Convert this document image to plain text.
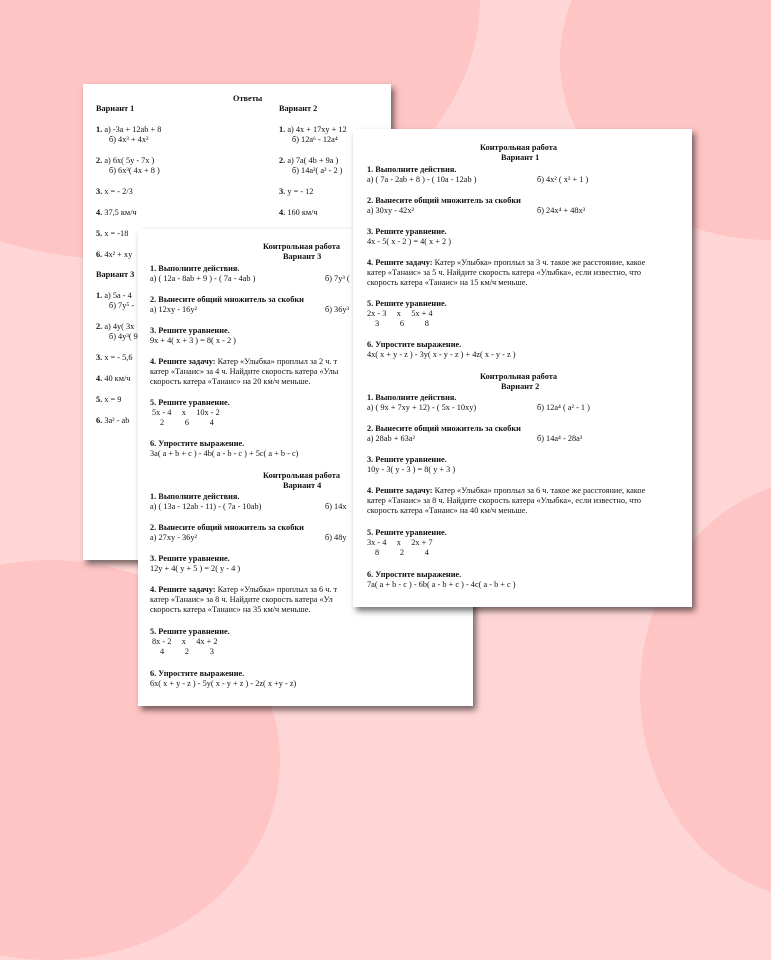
Ответы
Вариант 1	Вариант 2
1. а) -3a + 12ab + 8
б) 4x³ + 4x²
2. а) 6x( 5y - 7x )
б) 6x³( 4x + 8 )
3. x = - 2/3
4. 37,5 км/ч
5. x = -18
6. 4x² + xy
1. а) 4x + 17xy + 12
б) 12a⁶ - 12a⁴
2. а) 7a( 4b + 9a )
б) 14a²( a² - 2 )
3. y = - 12
4. 160 км/ч
Вариант 3
1. а) 5a - 4
б) 7y⁵ -
2. а) 4y( 3x
б) 4y³( 9
3. x = - 5,6
4. 40 км/ч
5. x = 9
6. 3a² - ab
Контрольная работа
Вариант 3
1. Выполните действия.
а) ( 12a - 8ab + 9 ) - ( 7a - 4ab )	б) 7y³ (
2. Вынесите общий множитель за скобки
а) 12xy - 16y²	б) 36y³
3. Решите уравнение.
9x + 4( x + 3 ) = 8( x - 2 )
4. Решите задачу: Катер «Улыбка» проплыл за 2 ч. т
катер «Танаис» за 4 ч. Найдите скорость катера «Улы
скорость катера «Танаис» на 20 км/ч меньше.
5. Решите уравнение.
5x - 4     x     10x - 2
2          6          4
6. Упростите выражение.
3a( a + b + c ) - 4b( a - b - c ) + 5c( a + b - c)
Контрольная работа
Вариант 4
1. Выполните действия.
а) ( 13a - 12ab - 11) - ( 7a - 10ab)	б) 14x
2. Вынесите общий множитель за скобки
а) 27xy - 36y²	б) 48y
3. Решите уравнение.
12y + 4( y + 5 ) = 2( y - 4 )
4. Решите задачу: Катер «Улыбка» проплыл за 6 ч. т
катер «Танаис» за 8 ч. Найдите скорость катера «Ул
скорость катера «Танаис» на 35 км/ч меньше.
5. Решите уравнение.
8x - 2     x     4x + 2
4          2          3
6. Упростите выражение.
6x( x + y - z ) - 5y( x - y + z ) - 2z( x +y - z)
Контрольная работа
Вариант 1
1. Выполните действия.
а) ( 7a - 2ab + 8 ) - ( 10a - 12ab )	б) 4x² ( x³ + 1 )
2. Вынесите общий множитель за скобки
а) 30xy - 42x²	б) 24x⁴ + 48x³
3. Решите уравнение.
4x - 5( x - 2 ) = 4( x + 2 )
4. Решите задачу: Катер «Улыбка» проплыл за 3 ч. такое же расстояние, какое
катер «Танаис» за 5 ч. Найдите скорость катера «Улыбка», если известно, что
скорость катера «Танаис» на 15 км/ч меньше.
5. Решите уравнение.
2x - 3     x     5x + 4
3          6          8
6. Упростите выражение.
4x( x + y - z ) - 3y( x - y - z ) + 4z( x - y - z )
Контрольная работа
Вариант 2
1. Выполните действия.
а) ( 9x + 7xy + 12) - ( 5x - 10xy)	б) 12a⁴ ( a² - 1 )
2. Вынесите общий множитель за скобки
а) 28ab + 63a²	б) 14a⁴ - 28a²
3. Решите уравнение.
10y - 3( y - 3 ) = 8( y + 3 )
4. Решите задачу: Катер «Улыбка» проплыл за 6 ч. такое же расстояние, какое
катер «Танаис» за 8 ч. Найдите скорость катера «Улыбка», если известно, что
скорость катера «Танаис» на 40 км/ч меньше.
5. Решите уравнение.
3x - 4     x     2x + 7
8          2          4
6. Упростите выражение.
7a( a + b - c ) - 6b( a - b + c ) - 4c( a - b + c )
